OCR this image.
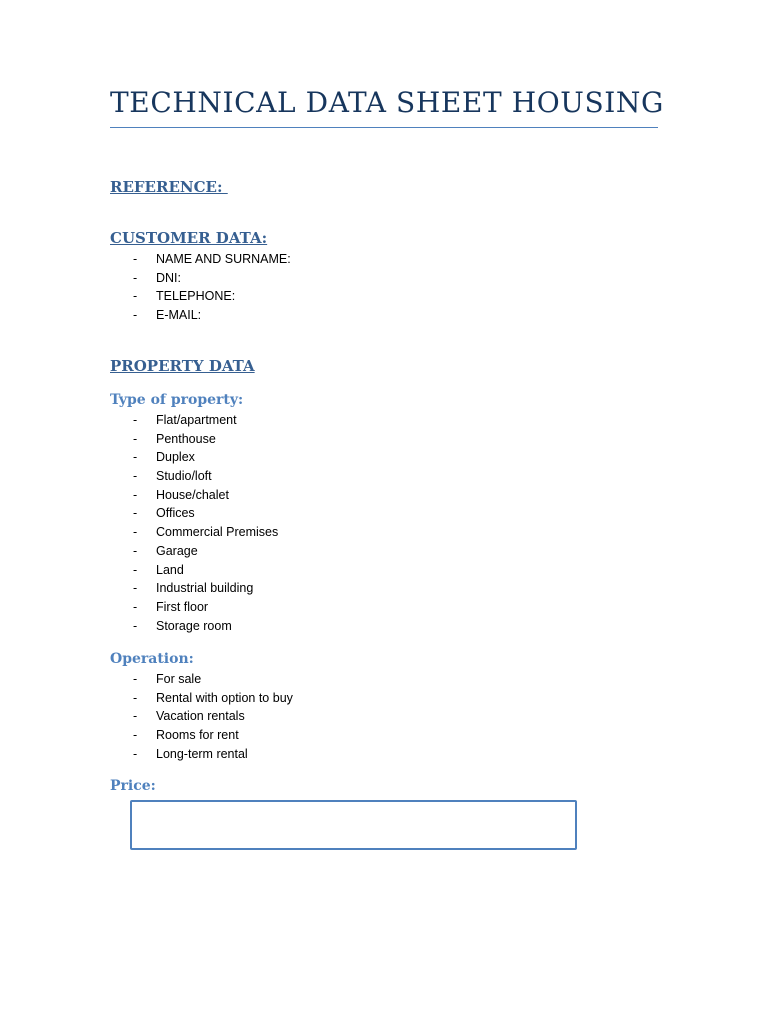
TECHNICAL DATA SHEET HOUSING
REFERENCE:
CUSTOMER DATA:
- NAME AND SURNAME:
- DNI:
- TELEPHONE:
- E-MAIL:
PROPERTY DATA
Type of property:
- Flat/apartment
- Penthouse
- Duplex
- Studio/loft
- House/chalet
- Offices
- Commercial Premises
- Garage
- Land
- Industrial building
- First floor
- Storage room
Operation:
- For sale
- Rental with option to buy
- Vacation rentals
- Rooms for rent
- Long-term rental
Price:
